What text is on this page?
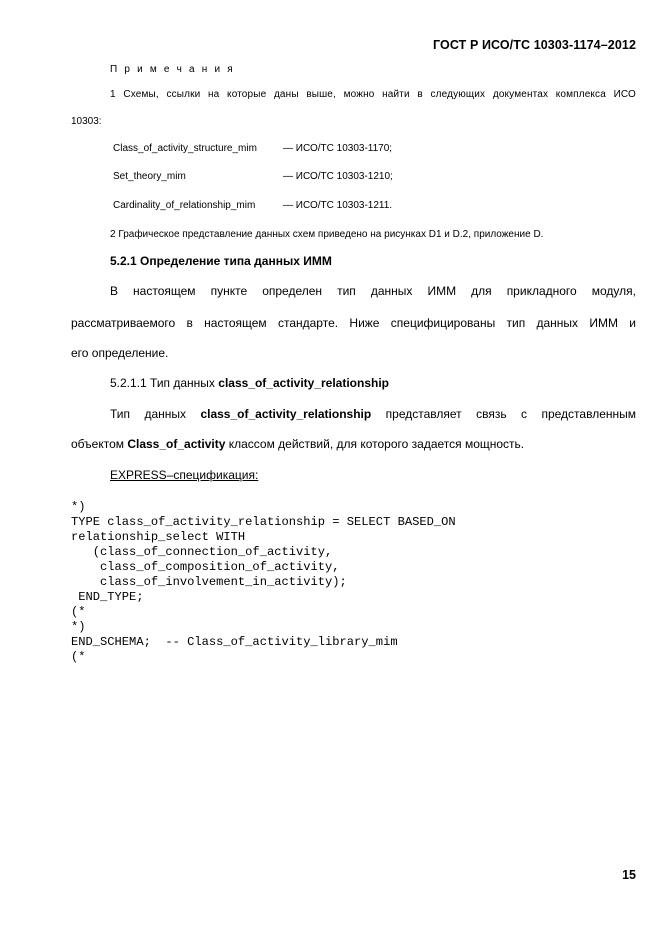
ГОСТ Р ИСО/ТС 10303-1174–2012
П р и м е ч а н и я
1 Схемы, ссылки на которые даны выше, можно найти в следующих документах комплекса ИСО
10303:
Class_of_activity_structure_mim	— ИСО/ТС 10303-1170;
Set_theory_mim	— ИСО/ТС 10303-1210;
Cardinality_of_relationship_mim	— ИСО/ТС 10303-1211.
2 Графическое представление данных схем приведено на рисунках D1 и D.2, приложение D.
5.2.1 Определение типа данных ИММ
В настоящем пункте определен тип данных ИММ для прикладного модуля,
рассматриваемого в настоящем стандарте. Ниже специфицированы тип данных ИММ и
его определение.
5.2.1.1 Тип данных class_of_activity_relationship
Тип данных class_of_activity_relationship представляет связь с представленным
объектом Class_of_activity классом действий, для которого задается мощность.
EXPRESS–спецификация:
*)
TYPE class_of_activity_relationship = SELECT BASED_ON
relationship_select WITH
(class_of_connection_of_activity,
class_of_composition_of_activity,
class_of_involvement_in_activity);
END_TYPE;
(*
*)
END_SCHEMA;  -- Class_of_activity_library_mim
(*
15
